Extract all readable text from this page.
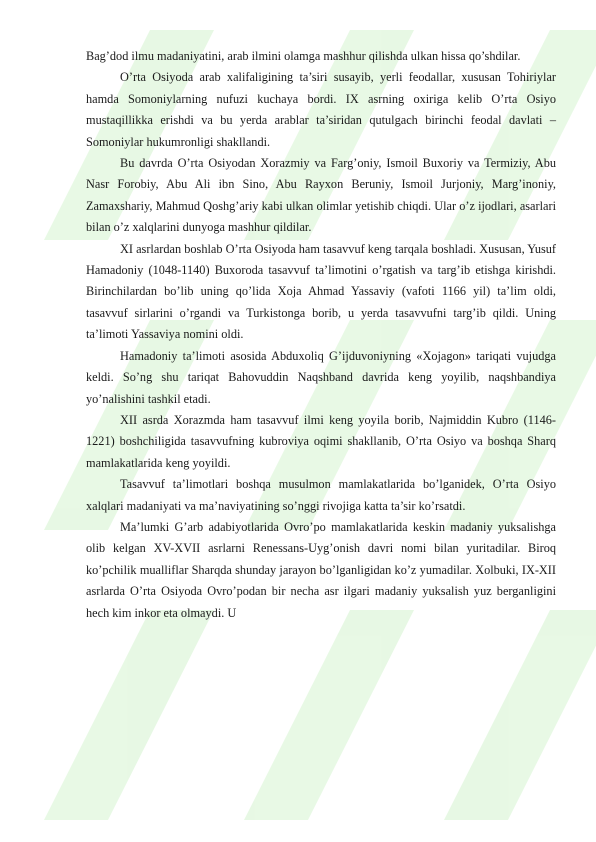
Bag’dod ilmu madaniyatini, arab ilmini olamga mashhur qilishda ulkan hissa qo’shdilar.

O’rta Osiyoda arab xalifaligining ta’siri susayib, yerli feodallar, xususan Tohiriylar hamda Somoniylarning nufuzi kuchaya bordi. IX asrning oxiriga kelib O’rta Osiyo mustaqillikka erishdi va bu yerda arablar ta’siridan qutulgach birinchi feodal davlati – Somoniylar hukumronligi shakllandi.

Bu davrda O’rta Osiyodan Xorazmiy va Farg’oniy, Ismoil Buxoriy va Termiziy, Abu Nasr Forobiy, Abu Ali ibn Sino, Abu Rayxon Beruniy, Ismoil Jurjoniy, Marg’inoniy, Zamaxshariy, Mahmud Qoshg’ariy kabi ulkan olimlar yetishib chiqdi. Ular o’z ijodlari, asarlari bilan o’z xalqlarini dunyoga mashhur qildilar.

XI asrlardan boshlab O’rta Osiyoda ham tasavvuf keng tarqala boshladi. Xususan, Yusuf Hamadoniy (1048-1140) Buxoroda tasavvuf ta’limotini o’rgatish va targ’ib etishga kirishdi. Birinchilardan bo’lib uning qo’lida Xoja Ahmad Yassaviy (vafoti 1166 yil) ta’lim oldi, tasavvuf sirlarini o’rgandi va Turkistonga borib, u yerda tasavvufni targ’ib qildi. Uning ta’limoti Yassaviya nomini oldi.

Hamadoniy ta’limoti asosida Abduxoliq G’ijduvoniyning «Xojagon» tariqati vujudga keldi. So’ng shu tariqat Bahovuddin Naqshband davrida keng yoyilib, naqshbandiya yo’nalishini tashkil etadi.

XII asrda Xorazmda ham tasavvuf ilmi keng yoyila borib, Najmiddin Kubro (1146-1221) boshchiligida tasavvufning kubroviya oqimi shakllanib, O’rta Osiyo va boshqa Sharq mamlakatlarida keng yoyildi.

Tasavvuf ta’limotlari boshqa musulmon mamlakatlarida bo’lganidek, O’rta Osiyo xalqlari madaniyati va ma’naviyatining so’nggi rivojiga katta ta’sir ko’rsatdi.

Ma’lumki G’arb adabiyotlarida Ovro’po mamlakatlarida keskin madaniy yuksalishga olib kelgan XV-XVII asrlarni Renessans-Uyg’onish davri nomi bilan yuritadilar. Biroq ko’pchilik mualliflar Sharqda shunday jarayon bo’lganligidan ko’z yumadilar. Xolbuki, IX-XII asrlarda O’rta Osiyoda Ovro’podan bir necha asr ilgari madaniy yuksalish yuz berganligini hech kim inkor eta olmaydi. U
